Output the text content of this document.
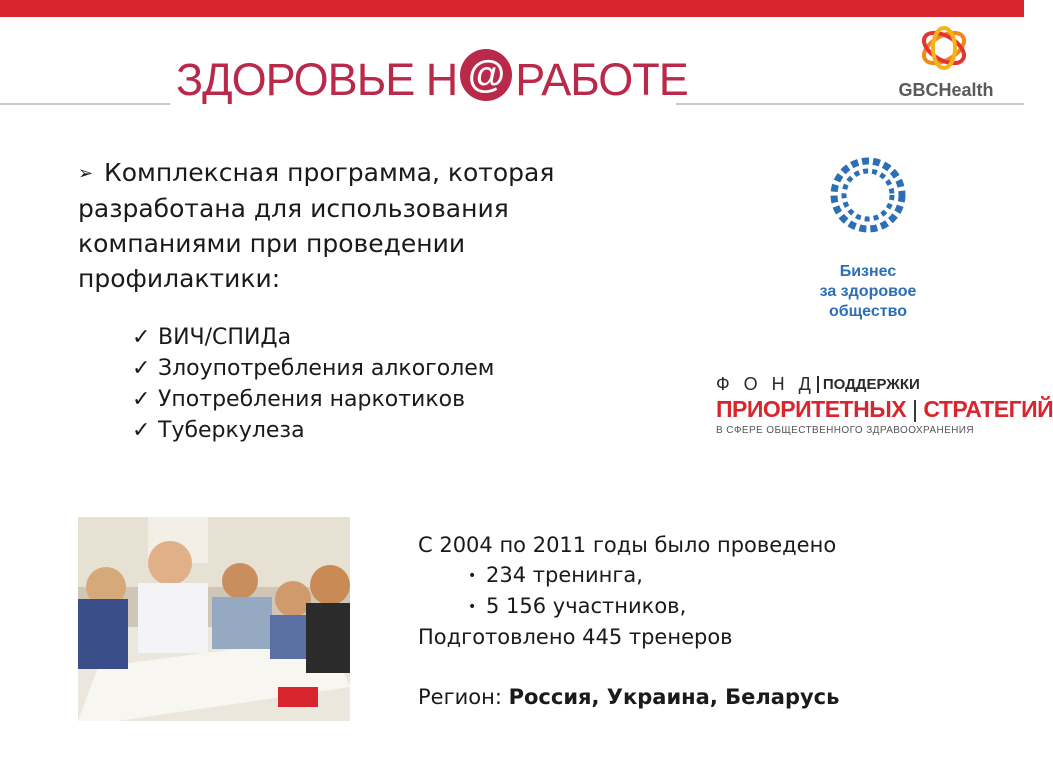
ЗДОРОВЬЕ Н @ РАБОТЕ	GBCHealth
➢ Комплексная программа, которая
разработана для использования
компаниями при проведении
профилактики:
✓ ВИЧ/СПИДа
✓ Злоупотребления алкоголем
✓ Употребления наркотиков
✓ Туберкулеза
Бизнес
за здоровое
общество
ФОНД
ПОДДЕРЖКИ
ПРИОРИТЕТНЫХ | СТРАТЕГИЙ
В СФЕРЕ ОБЩЕСТВЕННОГО ЗДРАВООХРАНЕНИЯ
С 2004 по 2011 годы было проведено
• 234 тренинга,
• 5 156 участников,
Подготовлено 445 тренеров
Регион: Россия, Украина, Беларусь
